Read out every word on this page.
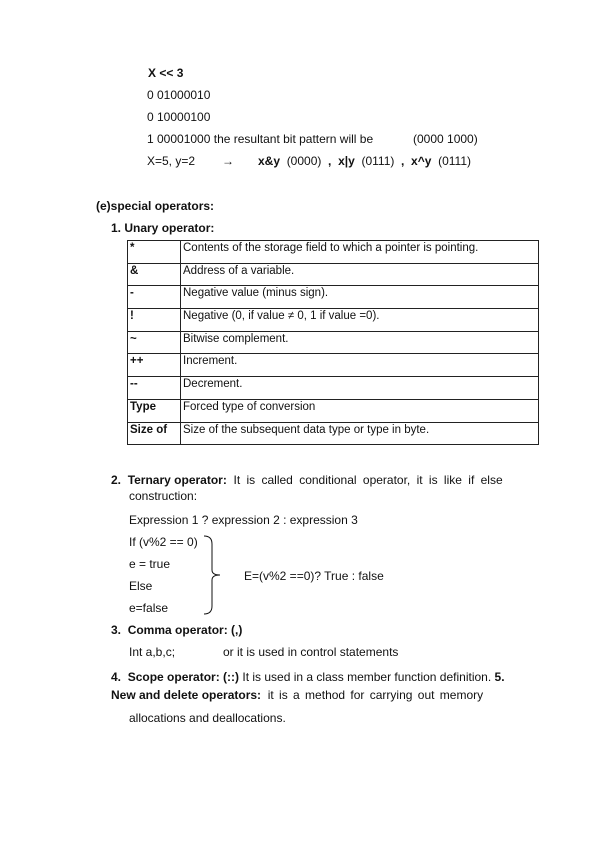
X << 3
0 01000010
0 10000100
1 00001000 the resultant bit pattern will be	(0000 1000)
X=5, y=2 → x&y (0000) , x|y (0111) , x^y (0111)
(e)special operators:
1. Unary operator:
*	Contents of the storage field to which a pointer is pointing.
&	Address of a variable.
-	Negative value (minus sign).
!	Negative (0, if value ≠ 0, 1 if value =0).
~	Bitwise complement.
++	Increment.
--	Decrement.
Type	Forced type of conversion
Size of	Size of the subsequent data type or type in byte.
2. Ternary operator: It is called conditional operator, it is like if else
construction:
Expression 1 ? expression 2 : expression 3
If (v%2 == 0)
e = true
Else
e=false
E=(v%2 ==0)? True : false
3. Comma operator: (,)
Int a,b,c;	or it is used in control statements
4. Scope operator: (::) It is used in a class member function definition. 5.
New and delete operators: it is a method for carrying out memory
allocations and deallocations.
